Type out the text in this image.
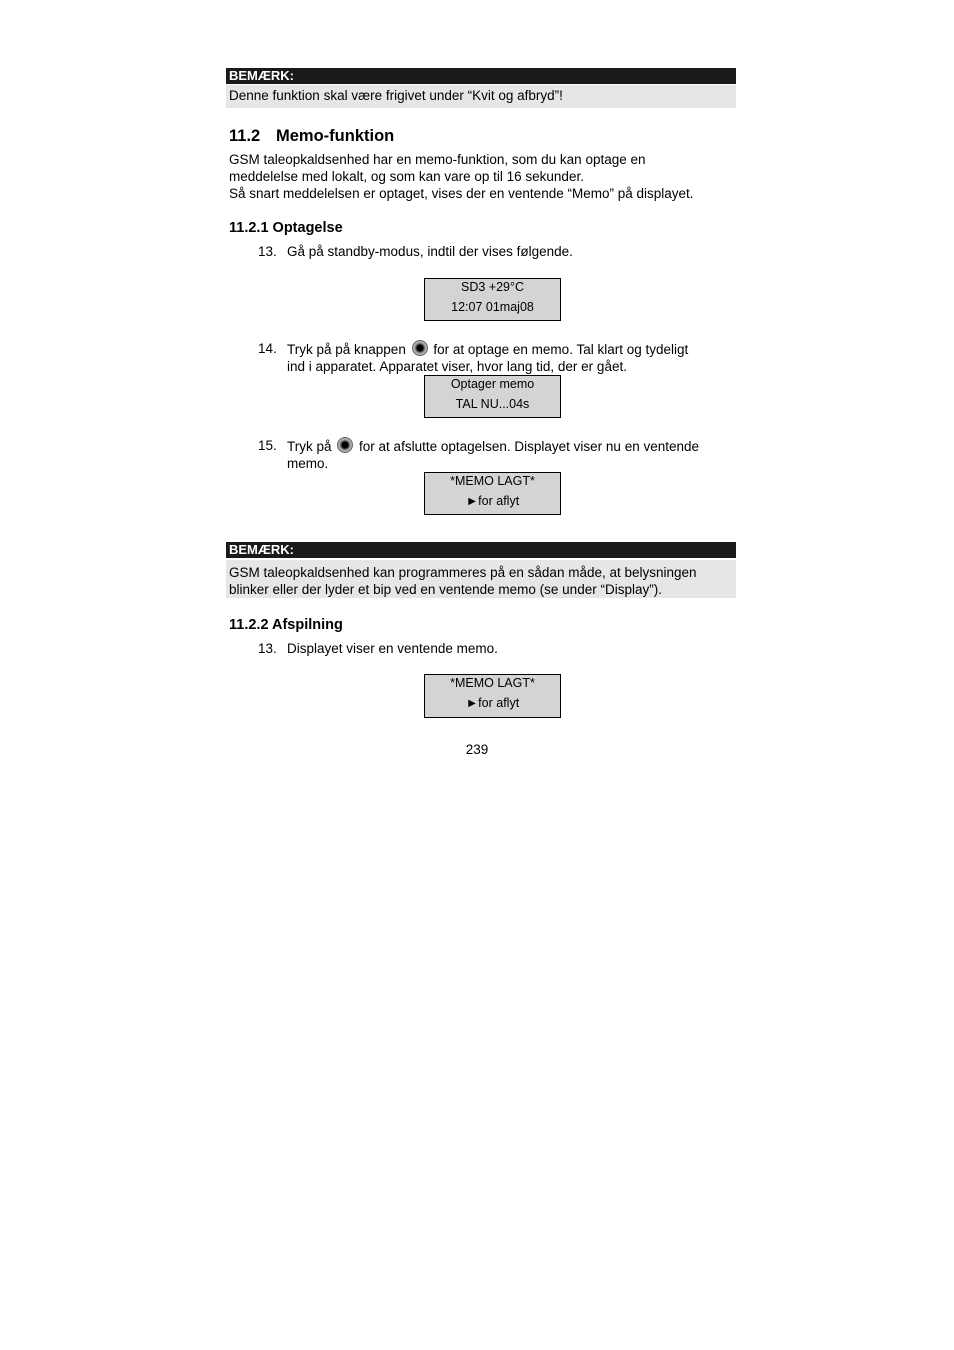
BEMÆRK:
Denne funktion skal være frigivet under “Kvit og afbryd”!
11.2 Memo-funktion
GSM taleopkaldsenhed har en memo-funktion, som du kan optage en
meddelelse med lokalt, og som kan vare op til 16 sekunder.
Så snart meddelelsen er optaget, vises der en ventende “Memo” på displayet.
11.2.1 Optagelse
13. Gå på standby-modus, indtil der vises følgende.
SD3 +29°C
12:07 01maj08
14. Tryk på på knappen for at optage en memo. Tal klart og tydeligt
ind i apparatet. Apparatet viser, hvor lang tid, der er gået.
Optager memo
TAL NU...04s
15. Tryk på for at afslutte optagelsen. Displayet viser nu en ventende
memo.
*MEMO LAGT*
►for aflyt
BEMÆRK:
GSM taleopkaldsenhed kan programmeres på en sådan måde, at belysningen
blinker eller der lyder et bip ved en ventende memo (se under “Display”).
11.2.2 Afspilning
13. Displayet viser en ventende memo.
*MEMO LAGT*
►for aflyt
239
